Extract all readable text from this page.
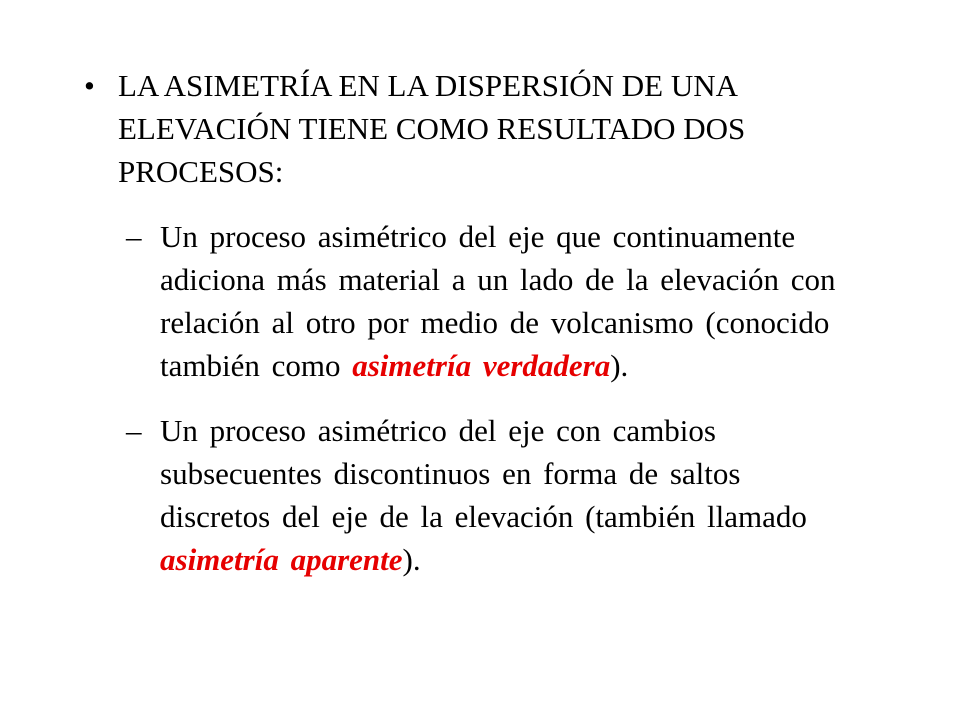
• LA ASIMETRÍA EN LA DISPERSIÓN DE UNA ELEVACIÓN TIENE COMO RESULTADO DOS PROCESOS:
– Un proceso asimétrico del eje que continuamente adiciona más material a un lado de la elevación con relación al otro por medio de volcanismo (conocido también como asimetría verdadera).
– Un proceso asimétrico del eje con cambios subsecuentes discontinuos en forma de saltos discretos del eje de la elevación (también llamado asimetría aparente).
